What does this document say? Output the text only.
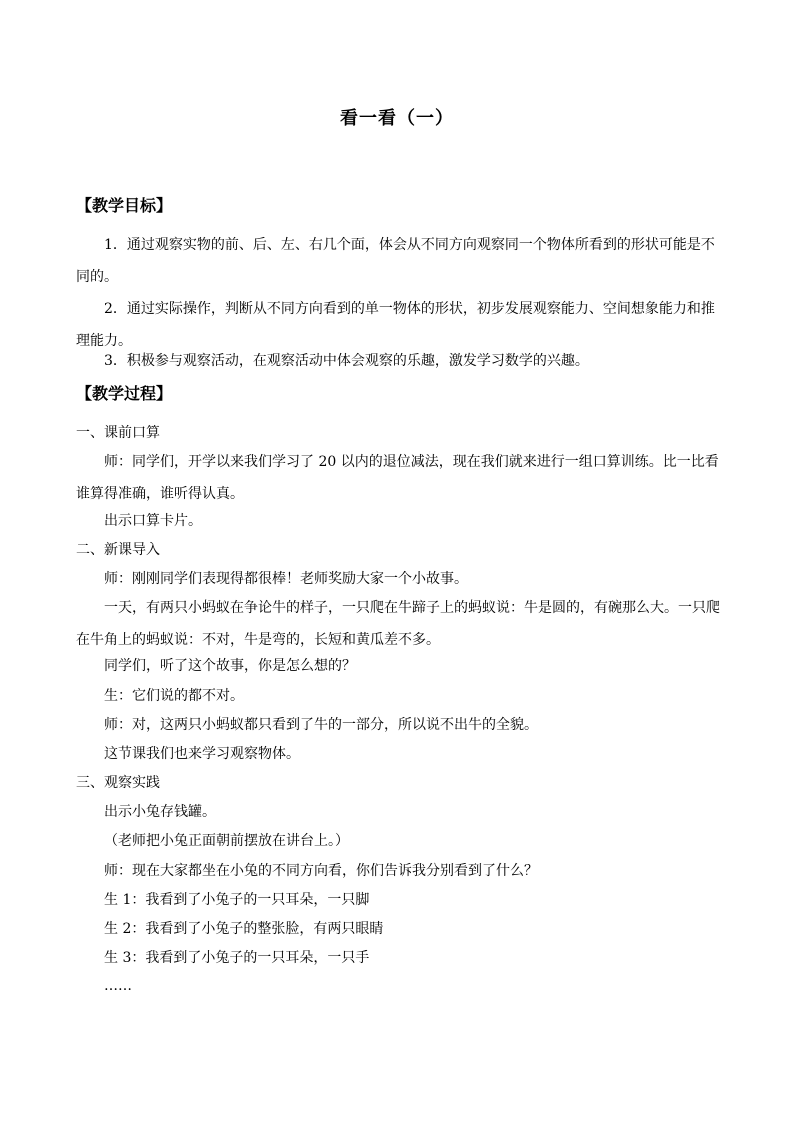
看一看（一）
【教学目标】
1．通过观察实物的前、后、左、右几个面，体会从不同方向观察同一个物体所看到的形状可能是不同的。
2．通过实际操作，判断从不同方向看到的单一物体的形状，初步发展观察能力、空间想象能力和推理能力。
3．积极参与观察活动，在观察活动中体会观察的乐趣，激发学习数学的兴趣。
【教学过程】
一、课前口算
师：同学们，开学以来我们学习了 20 以内的退位减法，现在我们就来进行一组口算训练。比一比看谁算得准确，谁听得认真。
出示口算卡片。
二、新课导入
师：刚刚同学们表现得都很棒！老师奖励大家一个小故事。
一天，有两只小蚂蚁在争论牛的样子，一只爬在牛蹄子上的蚂蚁说：牛是圆的，有碗那么大。一只爬在牛角上的蚂蚁说：不对，牛是弯的，长短和黄瓜差不多。
同学们，听了这个故事，你是怎么想的？
生：它们说的都不对。
师：对，这两只小蚂蚁都只看到了牛的一部分，所以说不出牛的全貌。
这节课我们也来学习观察物体。
三、观察实践
出示小兔存钱罐。
（老师把小兔正面朝前摆放在讲台上。）
师：现在大家都坐在小兔的不同方向看，你们告诉我分别看到了什么？
生 1：我看到了小兔子的一只耳朵，一只脚
生 2：我看到了小兔子的整张脸，有两只眼睛
生 3：我看到了小兔子的一只耳朵，一只手
……
